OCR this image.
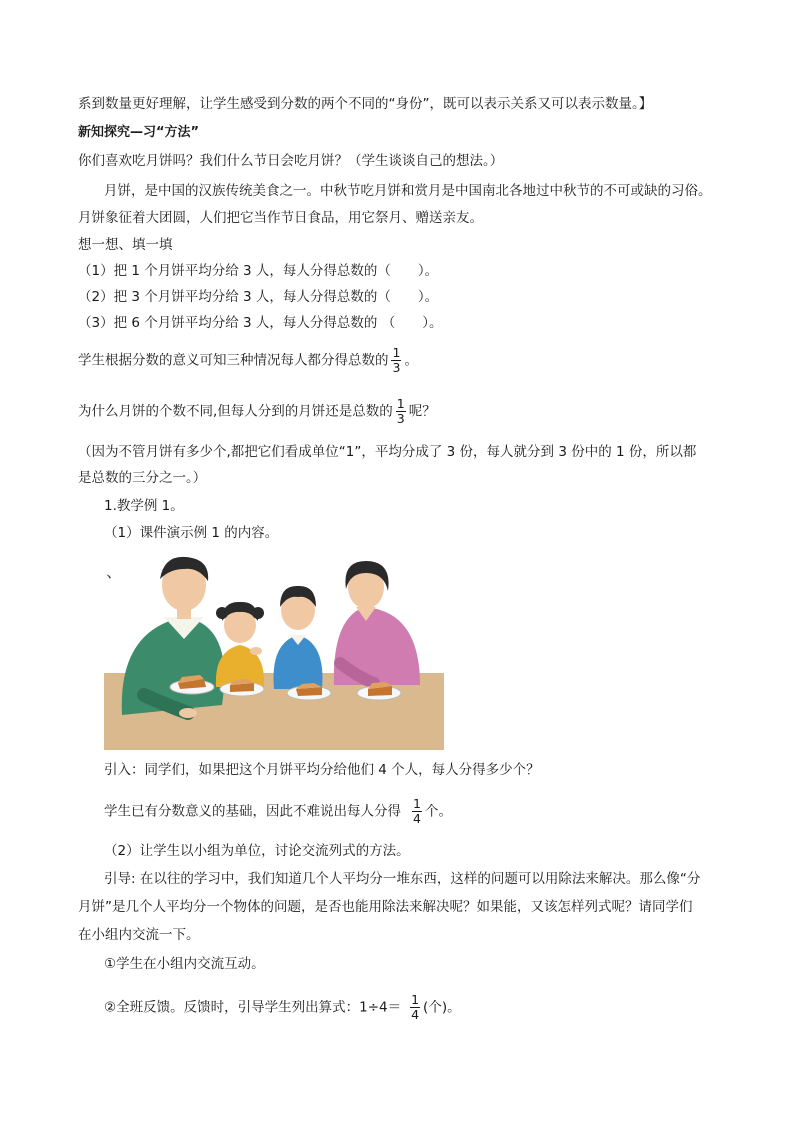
系到数量更好理解，让学生感受到分数的两个不同的“身份”，既可以表示关系又可以表示数量。】
新知探究—习“方法”
你们喜欢吃月饼吗？我们什么节日会吃月饼？（学生谈谈自己的想法。）
月饼，是中国的汉族传统美食之一。中秋节吃月饼和赏月是中国南北各地过中秋节的不可或缺的习俗。
月饼象征着大团圆，人们把它当作节日食品，用它祭月、赠送亲友。
想一想、填一填
（1）把 1 个月饼平均分给 3 人，每人分得总数的（　　）。
（2）把 3 个月饼平均分给 3 人，每人分得总数的（　　）。
（3）把 6 个月饼平均分给 3 人，每人分得总数的 （　　）。
学生根据分数的意义可知三种情况每人都分得总数的 $\frac{1}{3}$ 。
为什么月饼的个数不同,但每人分到的月饼还是总数的 $\frac{1}{3}$ 呢？
（因为不管月饼有多少个,都把它们看成单位“1”，平均分成了 3 份，每人就分到 3 份中的 1 份，所以都
是总数的三分之一。）
1.教学例 1。
（1）课件演示例 1 的内容。
、
引入：同学们，如果把这个月饼平均分给他们 4 个人，每人分得多少个？
学生已有分数意义的基础，因此不难说出每人分得 $\frac{1}{4}$ 个。
（2）让学生以小组为单位，讨论交流列式的方法。
引导: 在以往的学习中，我们知道几个人平均分一堆东西，这样的问题可以用除法来解决。那么像“分
月饼”是几个人平均分一个物体的问题，是否也能用除法来解决呢？如果能，又该怎样列式呢？请同学们
在小组内交流一下。
①学生在小组内交流互动。
②全班反馈。反馈时，引导学生列出算式：$1\div 4= \frac{1}{4}$ (个)。
